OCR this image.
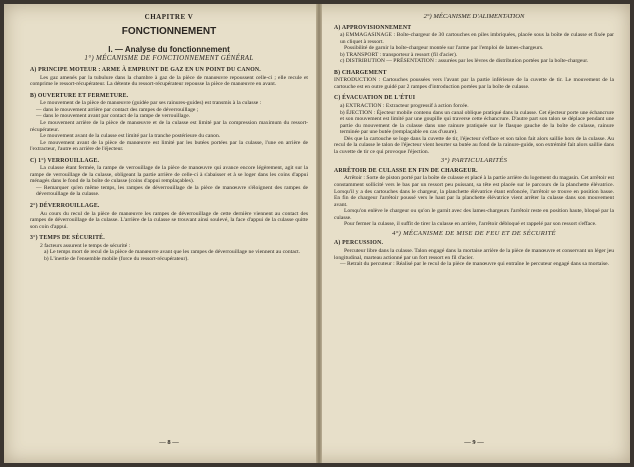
CHAPITRE V
FONCTIONNEMENT
I. — Analyse du fonctionnement
1°) MÉCANISME DE FONCTIONNEMENT GÉNÉRAL
A) PRINCIPE MOTEUR : ARME À EMPRUNT DE GAZ EN UN POINT DU CANON.

Les gaz amenés par la tubulure dans la chambre à gaz de la pièce de manœuvre repoussent celle-ci ; elle recule et comprime le ressort-récupérateur. La détente du ressort-récupérateur repousse la pièce de manœuvre en avant.

B) OUVERTURE ET FERMETURE.

Le mouvement de la pièce de manœuvre (guidée par ses rainures-guides) est transmis à la culasse :

— dans le mouvement arrière par contact des rampes de déverrouillage ;

— dans le mouvement avant par contact de la rampe de verrouillage.

Le mouvement arrière de la pièce de manœuvre et de la culasse est limité par la compression maximum du ressort-récupérateur.

Le mouvement avant de la culasse est limité par la tranche postérieure du canon.

Le mouvement avant de la pièce de manœuvre est limité par les butées portées par la culasse, l'une en arrière de l'extracteur, l'autre en arrière de l'éjecteur.

C) 1°) VERROUILLAGE.

La culasse étant fermée, la rampe de verrouillage de la pièce de manœuvre qui avance encore légèrement, agit sur la rampe de verrouillage de la culasse, obligeant la partie arrière de celle-ci à s'abaisser et à se loger dans les coins d'appui ménagés dans le fond de la boîte de culasse (coins d'appui remplaçables).

— Remarquer qu'en même temps, les rampes de déverrouillage de la pièce de manœuvre s'éloignent des rampes de déverrouillage de la culasse.

2°) DÉVERROUILLAGE.

Au cours du recul de la pièce de manœuvre les rampes de déverrouillage de cette dernière viennent au contact des rampes de déverrouillage de la culasse. L'arrière de la culasse se trouvant ainsi soulevé, la face d'appui de la culasse quitte son coin d'appui.

3°) TEMPS DE SÉCURITÉ.

2 facteurs assurent le temps de sécurité :

a) Le temps mort de recul de la pièce de manœuvre avant que les rampes de déverrouillage ne viennent au contact.

b) L'inertie de l'ensemble mobile (force du ressort-récupérateur).

— 8 —
2°) MÉCANISME D'ALIMENTATION
A) APPROVISIONNEMENT

a) EMMAGASINAGE : Boîte-chargeur de 30 cartouches en piles imbriquées, placée sous la boîte de culasse et fixée par un cliquet à ressort.

Possibilité de garnir la boîte-chargeur montée sur l'arme par l'emploi de lames-chargeurs.

b) TRANSPORT : transporteur à ressort (fil d'acier).

c) DISTRIBUTION — PRÉSENTATION : assurées par les lèvres de distribution portées par la boîte-chargeur.

B) CHARGEMENT

INTRODUCTION : Cartouches poussées vers l'avant par la partie inférieure de la cuvette de tir. Le mouvement de la cartouche est en outre guidé par 2 rampes d'introduction portées par la boîte de culasse.

C) ÉVACUATION DE L'ÉTUI

a) EXTRACTION : Extracteur progressif à action forcée.

b) ÉJECTION : Éjecteur mobile contenu dans un canal oblique pratiqué dans la culasse. Cet éjecteur porte une échancrure et son mouvement est limité par une goupille qui traverse cette échancrure. D'autre part son talon se déplace pendant une partie du mouvement de la culasse dans une rainure pratiquée sur le flasque gauche de la boîte de culasse, rainure terminée par une butée (remplaçable en cas d'usure).

Dès que la cartouche se loge dans la cuvette de tir, l'éjecteur s'efface et son talon fait alors saillie hors de la culasse. Au recul de la culasse le talon de l'éjecteur vient heurter sa butée au fond de la rainure-guide, son extrémité fait alors saillie dans la cuvette de tir ce qui provoque l'éjection.

3°) PARTICULARITÉS
ARRÊTOIR DE CULASSE EN FIN DE CHARGEUR.

Arrêtoir : Sorte de piston porté par la boîte de culasse et placé à la partie arrière du logement du magasin. Cet arrêtoir est constamment sollicité vers le bas par un ressort peu puissant, sa tête est placée sur le parcours de la planchette élévatrice. Lorsqu'il y a des cartouches dans le chargeur, la planchette élévatrice étant enfoncée, l'arrêtoir se trouve en position basse. En fin de chargeur l'arrêtoir poussé vers le haut par la planchette élévatrice vient arrêter la culasse dans son mouvement avant.

Lorsqu'on enlève le chargeur ou qu'on le garnit avec des lames-chargeurs l'arrêtoir reste en position haute, bloqué par la culasse.

Pour fermer la culasse, il suffit de tirer la culasse en arrière, l'arrêtoir débloqué et rappelé par son ressort s'efface.

4°) MÉCANISME DE MISE DE FEU ET DE SÉCURITÉ
A) PERCUSSION.

Percuteur libre dans la culasse. Talon engagé dans la mortaise arrière de la pièce de manœuvre et conservant un léger jeu longitudinal, marteau actionné par un fort ressort en fil d'acier.

— Retrait du percuteur : Réalisé par le recul de la pièce de manœuvre qui entraîne le percuteur engagé dans sa mortaise.

— 9 —
